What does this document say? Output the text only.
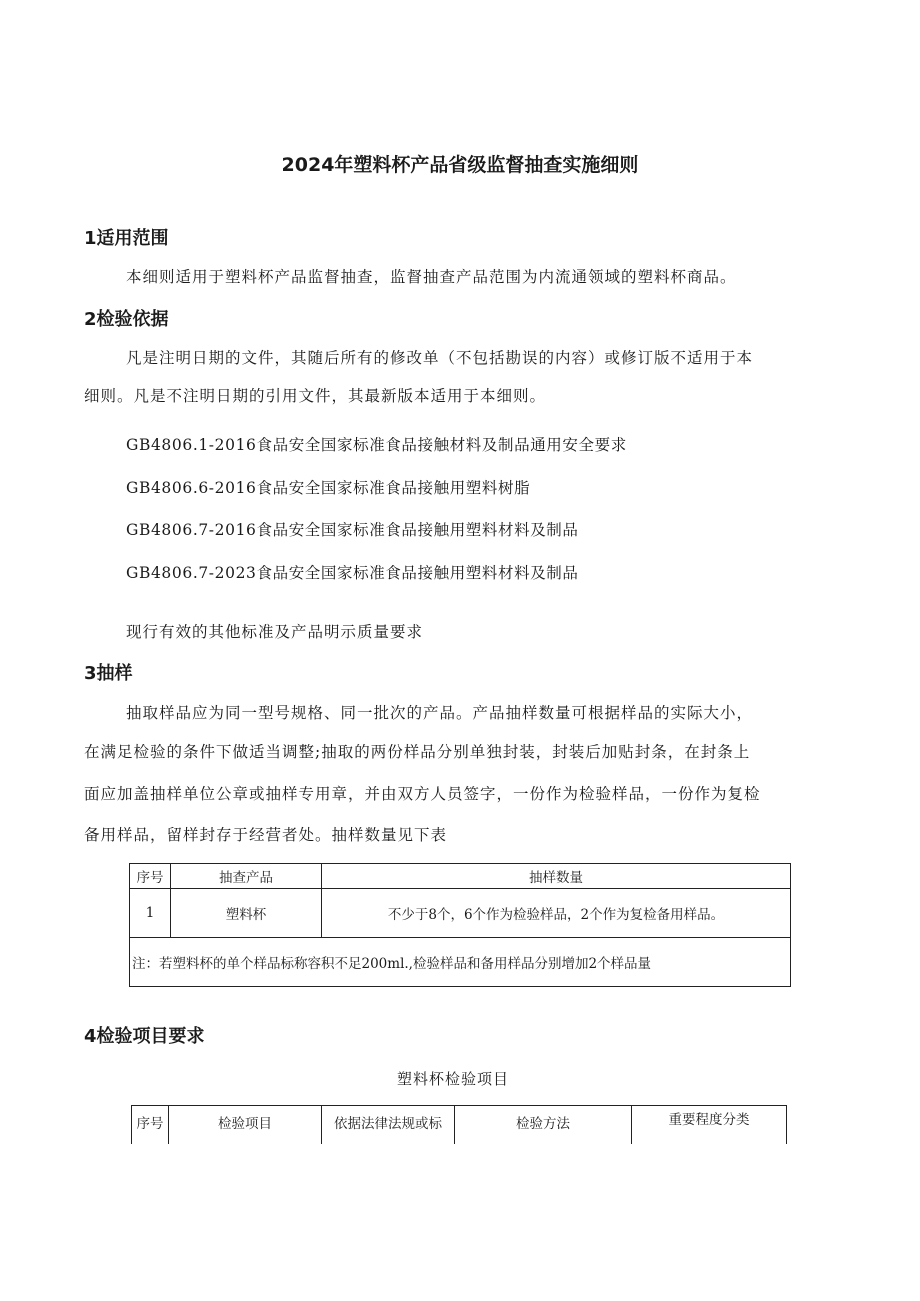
2024年塑料杯产品省级监督抽查实施细则
1适用范围
本细则适用于塑料杯产品监督抽查，监督抽查产品范围为内流通领域的塑料杯商品。
2检验依据
凡是注明日期的文件，其随后所有的修改单（不包括勘误的内容）或修订版不适用于本
细则。凡是不注明日期的引用文件，其最新版本适用于本细则。
GB4806.1-2016食品安全国家标准食品接触材料及制品通用安全要求
GB4806.6-2016食品安全国家标准食品接触用塑料树脂
GB4806.7-2016食品安全国家标准食品接触用塑料材料及制品
GB4806.7-2023食品安全国家标准食品接触用塑料材料及制品
现行有效的其他标准及产品明示质量要求
3抽样
抽取样品应为同一型号规格、同一批次的产品。产品抽样数量可根据样品的实际大小，
在满足检验的条件下做适当调整;抽取的两份样品分别单独封装，封装后加贴封条，在封条上
面应加盖抽样单位公章或抽样专用章，并由双方人员签字，一份作为检验样品，一份作为复检
备用样品，留样封存于经营者处。抽样数量见下表
序号	抽查产品	抽样数量
1	塑料杯	不少于8个，6个作为检验样品，2个作为复检备用样品。
注：若塑料杯的单个样品标称容积不足200ml.,检验样品和备用样品分别增加2个样品量		
4检验项目要求
塑料杯检验项目
序号	检验项目	依据法律法规或标	检验方法	重要程度分类
